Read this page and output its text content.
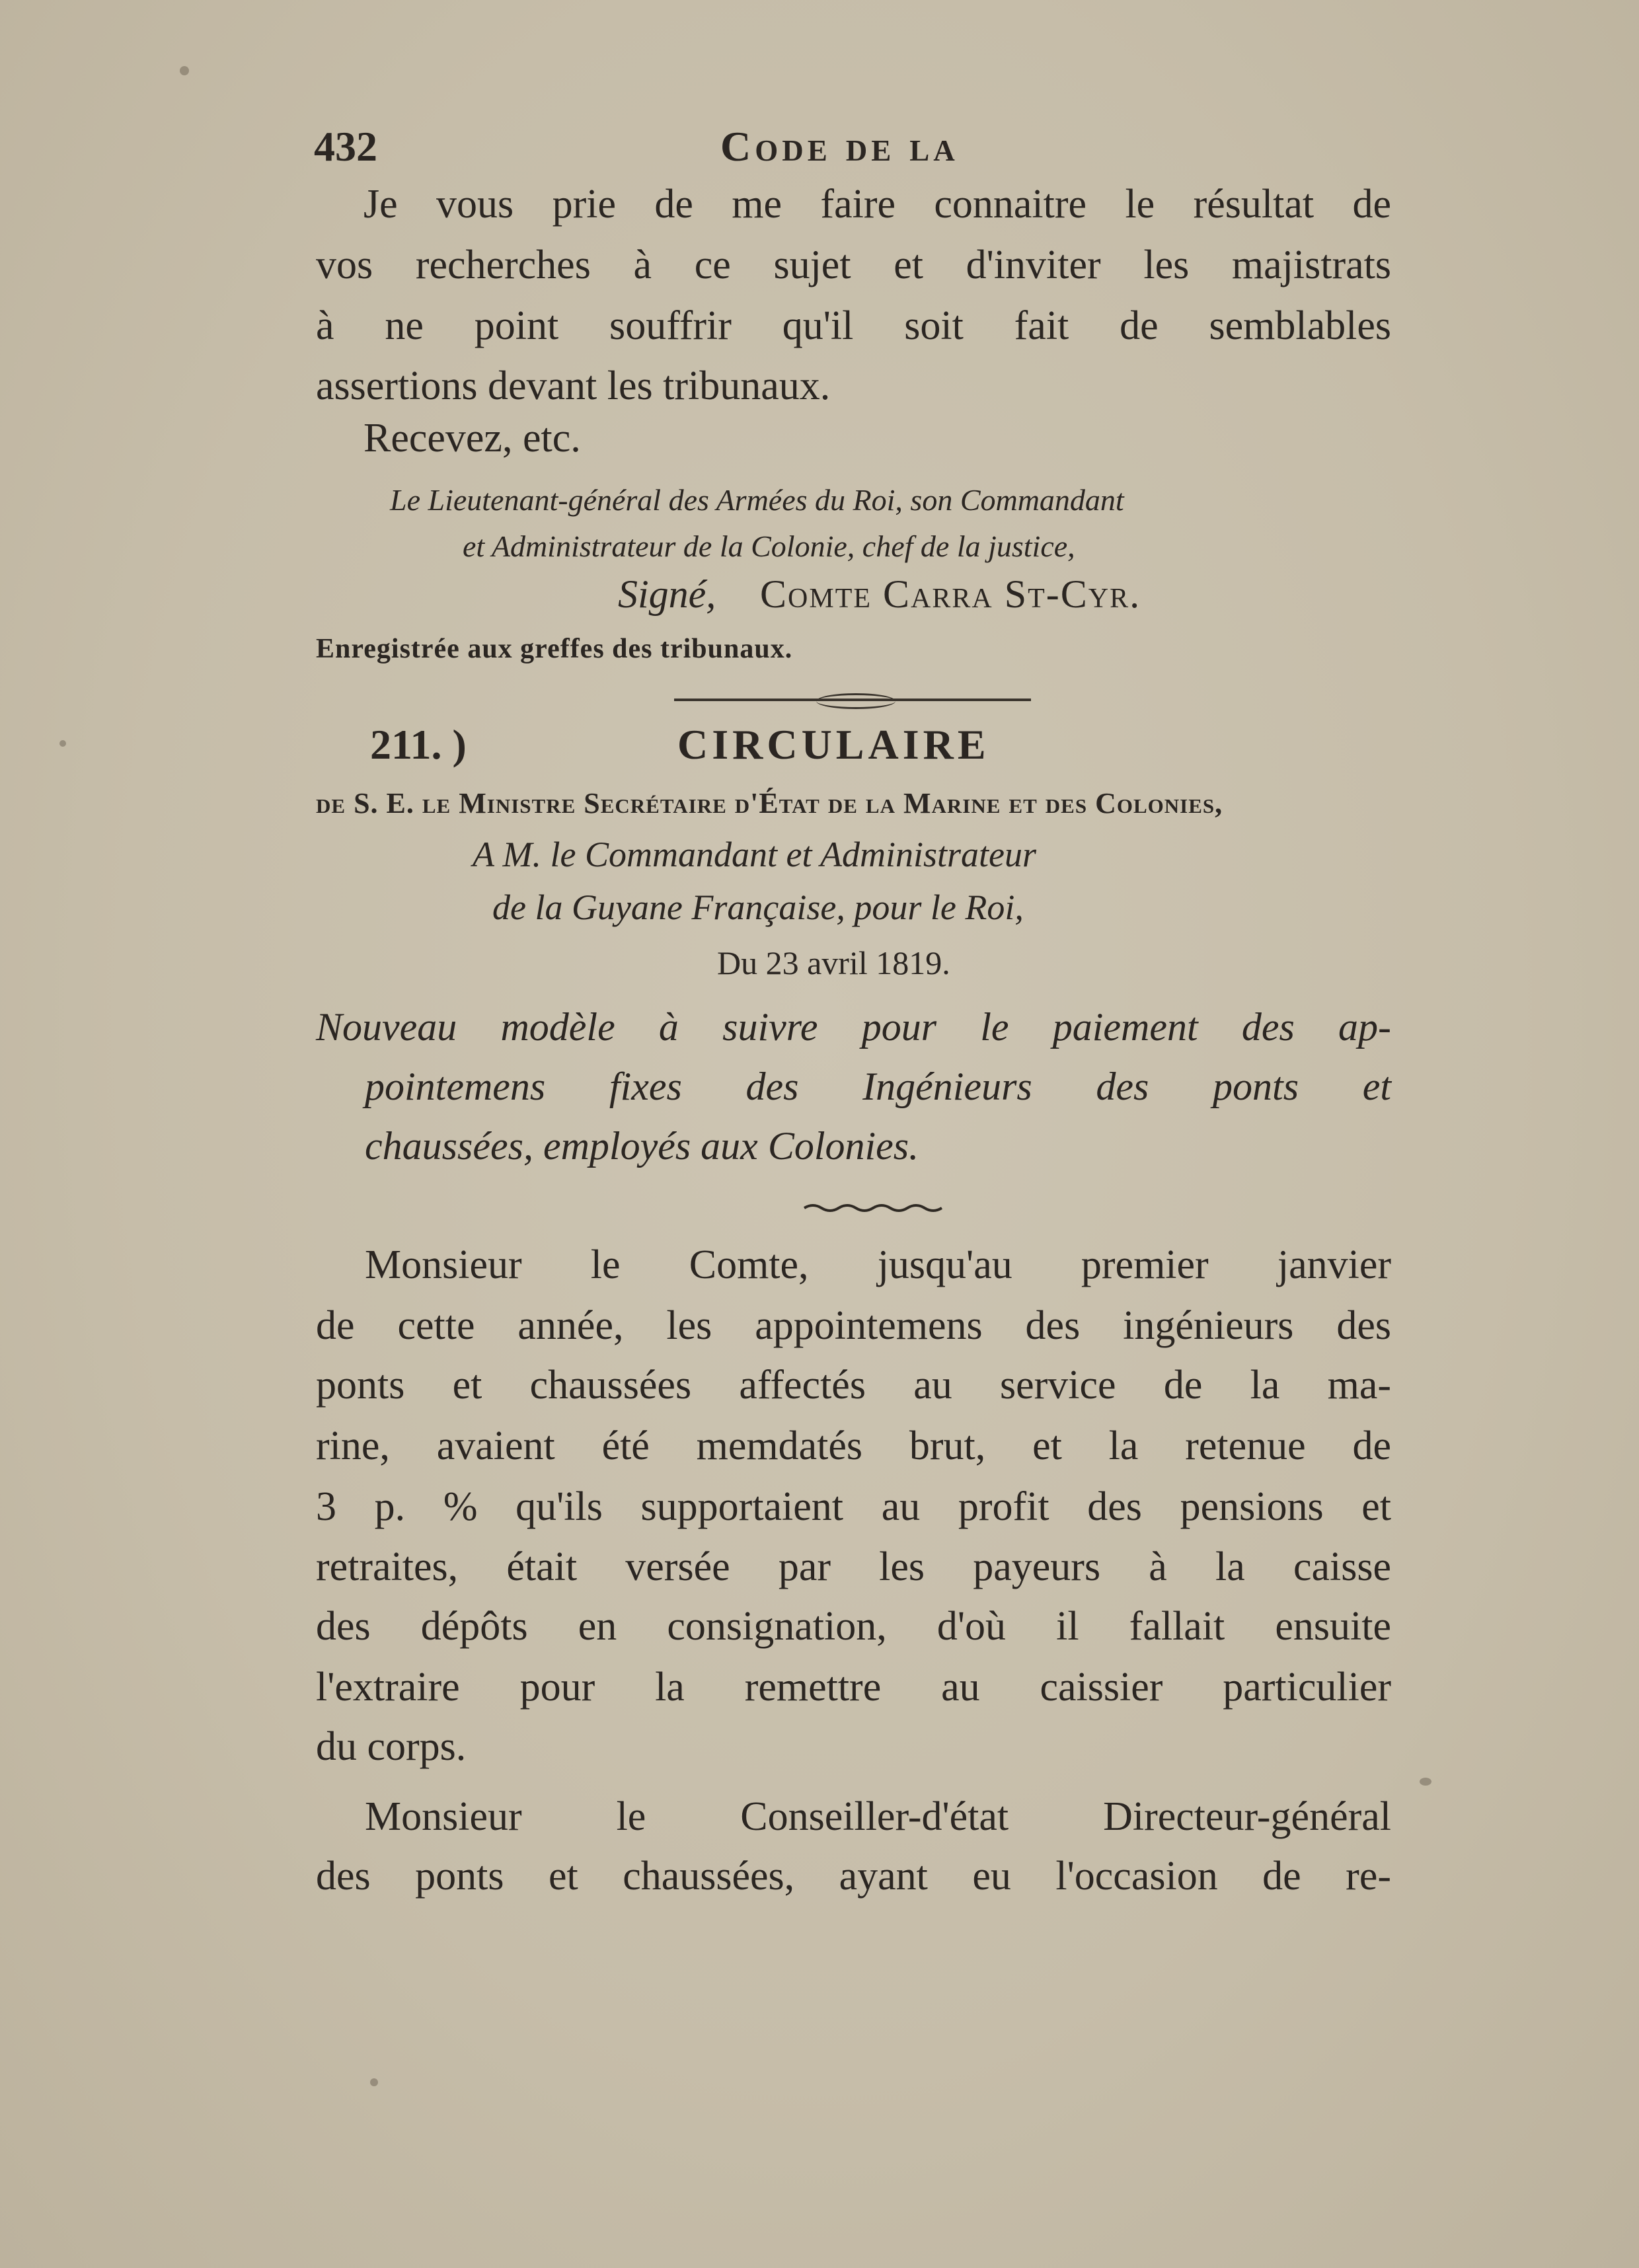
432	Code de la
Je vous prie de me faire connaitre le résultat de
vos recherches à ce sujet et d'inviter les majistrats
à ne point souffrir qu'il soit fait de semblables
assertions devant les tribunaux.
Recevez, etc.
Le Lieutenant-général des Armées du Roi, son Commandant
et Administrateur de la Colonie, chef de la justice,
Signé, Comte Carra St-Cyr.
Enregistrée aux greffes des tribunaux.
211. )	CIRCULAIRE
de S. E. le Ministre Secrétaire d'État de la Marine et des Colonies,
A M. le Commandant et Administrateur
de la Guyane Française, pour le Roi,
Du 23 avril 1819.
Nouveau modèle à suivre pour le paiement des ap-
pointemens fixes des Ingénieurs des ponts et
chaussées, employés aux Colonies.
Monsieur le Comte, jusqu'au premier janvier
de cette année, les appointemens des ingénieurs des
ponts et chaussées affectés au service de la ma-
rine, avaient été memdatés brut, et la retenue de
3 p. % qu'ils supportaient au profit des pensions et
retraites, était versée par les payeurs à la caisse
des dépôts en consignation, d'où il fallait ensuite
l'extraire pour la remettre au caissier particulier
du corps.
Monsieur le Conseiller-d'état Directeur-général
des ponts et chaussées, ayant eu l'occasion de re-
